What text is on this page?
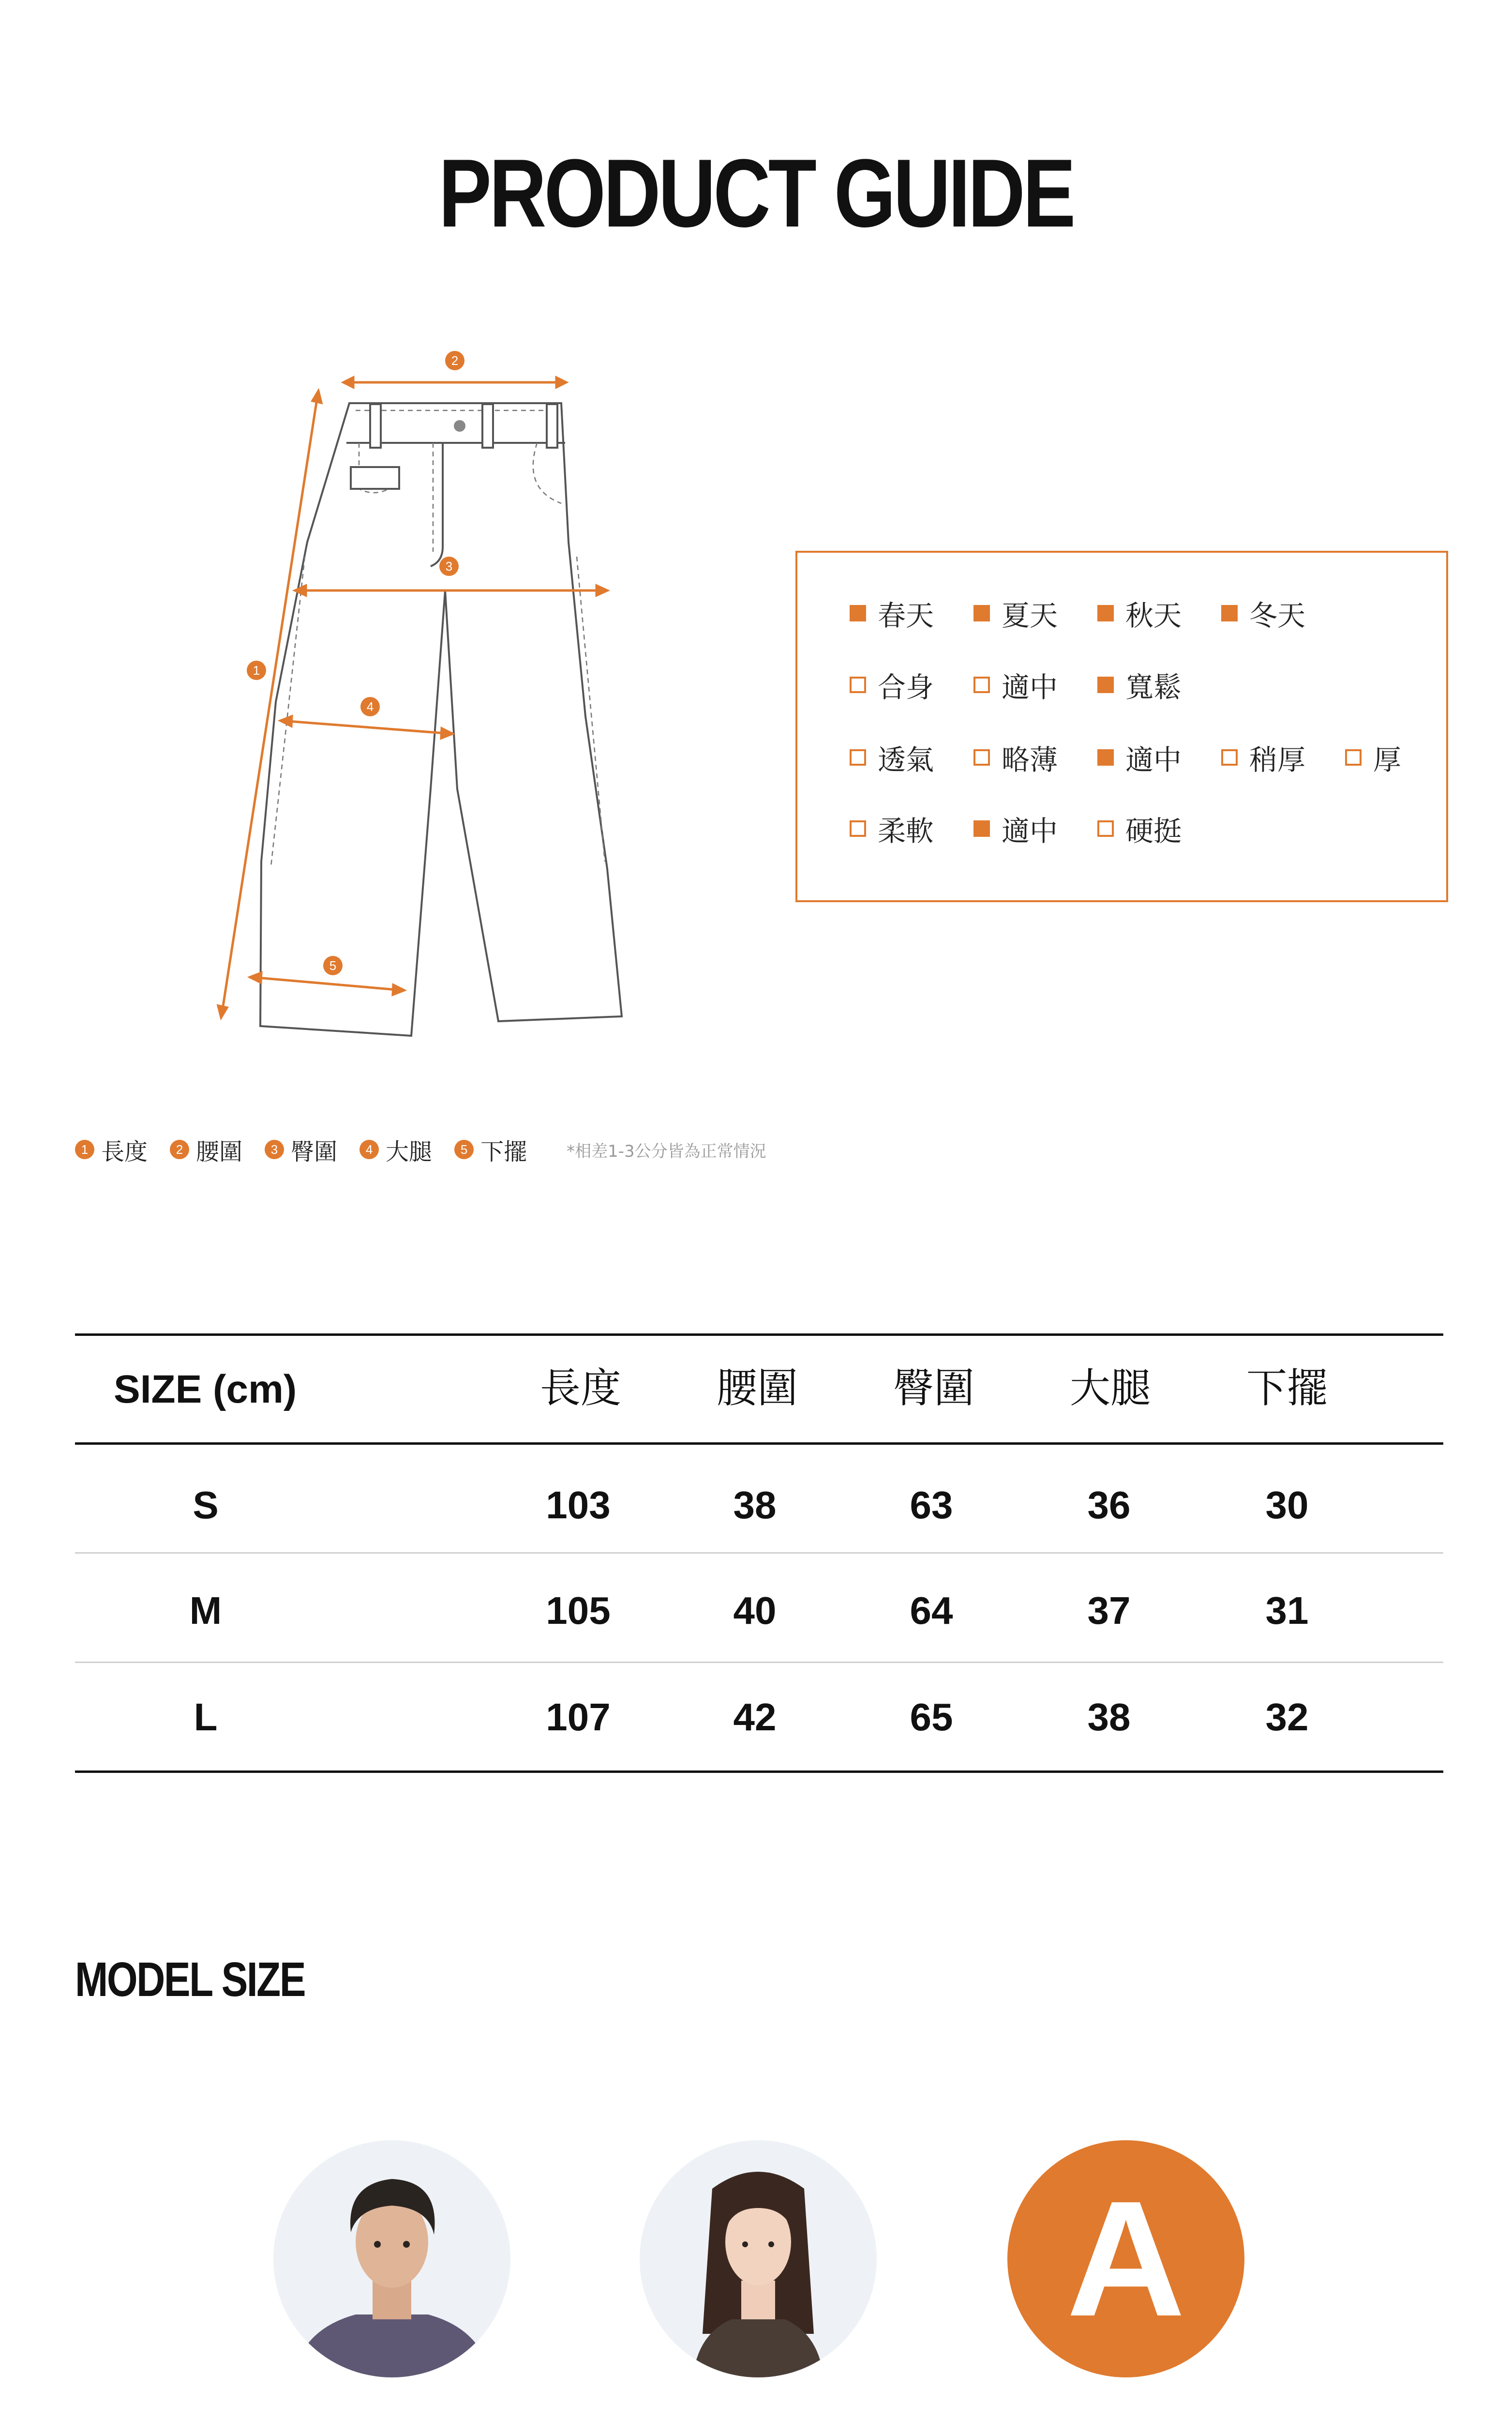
PRODUCT GUIDE
2
3
1
4
5
春天 夏天 秋天 冬天
合身 適中 寬鬆
透氣 略薄 適中 稍厚 厚
柔軟 適中 硬挺
1 長度	2 腰圍	3 臀圍	4 大腿	5 下擺 *相差1-3公分皆為正常情況
SIZE (cm)	長度	腰圍	臀圍	大腿	下擺
S	103	38	63	36	30
M	105	40	64	37	31
L	107	42	65	38	32
MODEL SIZE
A
